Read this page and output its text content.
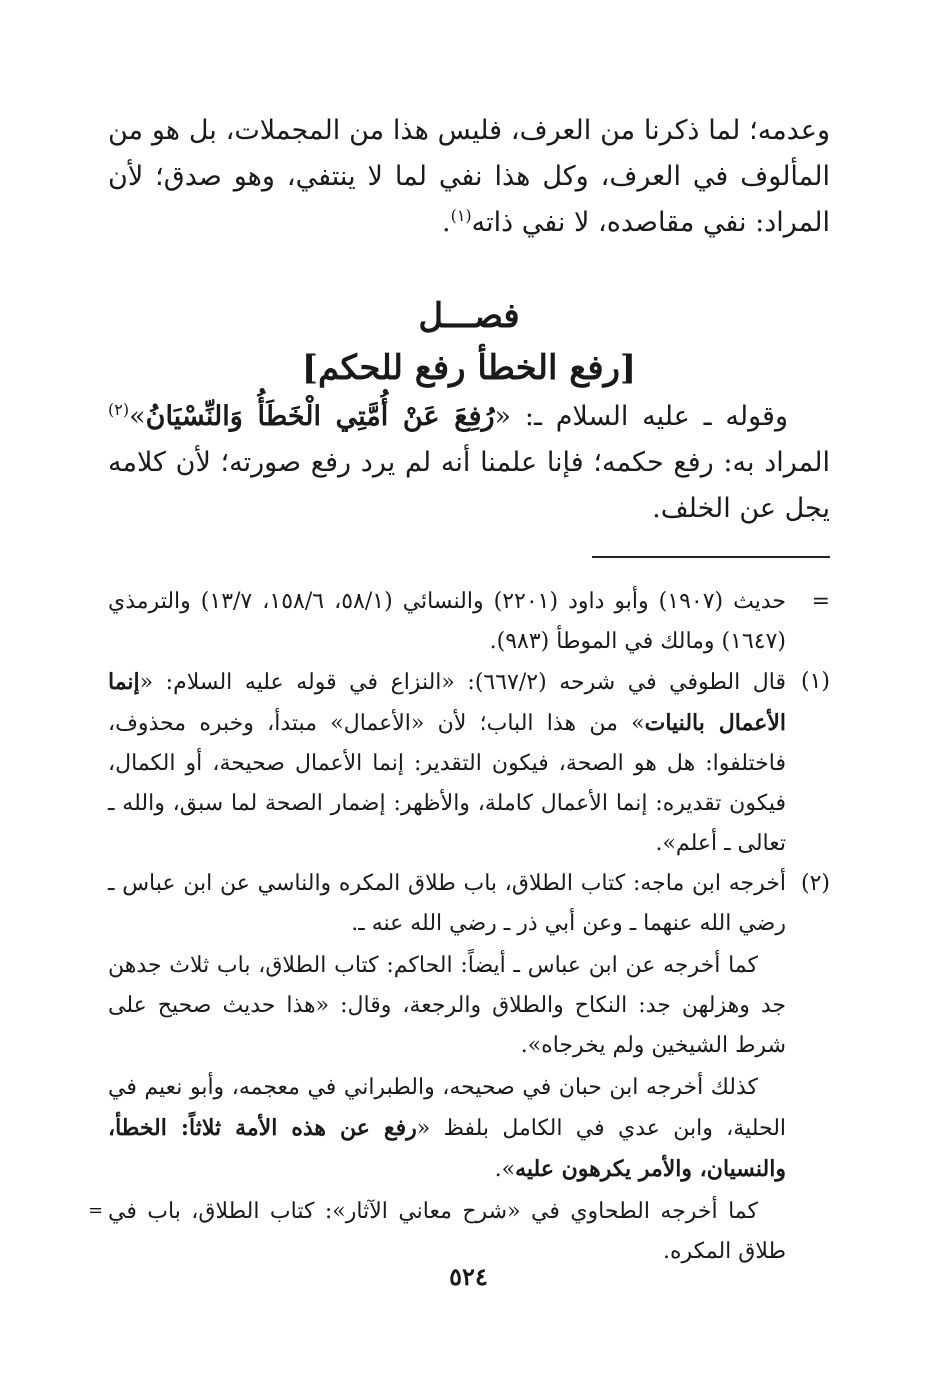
وعدمه؛ لما ذكرنا من العرف، فليس هذا من المجملات، بل هو من المألوف في العرف، وكل هذا نفي لما لا ينتفي، وهو صدق؛ لأن المراد: نفي مقاصده، لا نفي ذاته$^{(١)}$.

فصـــل
[رفع الخطأ رفع للحكم]

وقوله ـ عليه السلام ـ: «رُفِعَ عَنْ أُمَّتِي الْخَطَأُ وَالنِّسْيَانُ»$^{(٢)}$ المراد به: رفع حكمه؛ فإنا علمنا أنه لم يرد رفع صورته؛ لأن كلامه يجل عن الخلف.

=

حديث (١٩٠٧) وأبو داود (٢٢٠١) والنسائي (٥٨/١، ١٥٨/٦، ١٣/٧) والترمذي (١٦٤٧) ومالك في الموطأ (٩٨٣).

(١)

قال الطوفي في شرحه (٦٦٧/٢): «النزاع في قوله عليه السلام: «إنما الأعمال بالنيات» من هذا الباب؛ لأن «الأعمال» مبتدأ، وخبره محذوف، فاختلفوا: هل هو الصحة، فيكون التقدير: إنما الأعمال صحيحة، أو الكمال، فيكون تقديره: إنما الأعمال كاملة، والأظهر: إضمار الصحة لما سبق، والله ـ تعالى ـ أعلم».

(٢)

أخرجه ابن ماجه: كتاب الطلاق، باب طلاق المكره والناسي عن ابن عباس ـ رضي الله عنهما ـ وعن أبي ذر ـ رضي الله عنه ـ.

كما أخرجه عن ابن عباس ـ أيضاً: الحاكم: كتاب الطلاق، باب ثلاث جدهن جد وهزلهن جد: النكاح والطلاق والرجعة، وقال: «هذا حديث صحيح على شرط الشيخين ولم يخرجاه».

كذلك أخرجه ابن حبان في صحيحه، والطبراني في معجمه، وأبو نعيم في الحلية، وابن عدي في الكامل بلفظ «رفع عن هذه الأمة ثلاثاً: الخطأ، والنسيان، والأمر يكرهون عليه».

كما أخرجه الطحاوي في «شرح معاني الآثار»: كتاب الطلاق، باب في طلاق المكره.

=
٥٢٤
